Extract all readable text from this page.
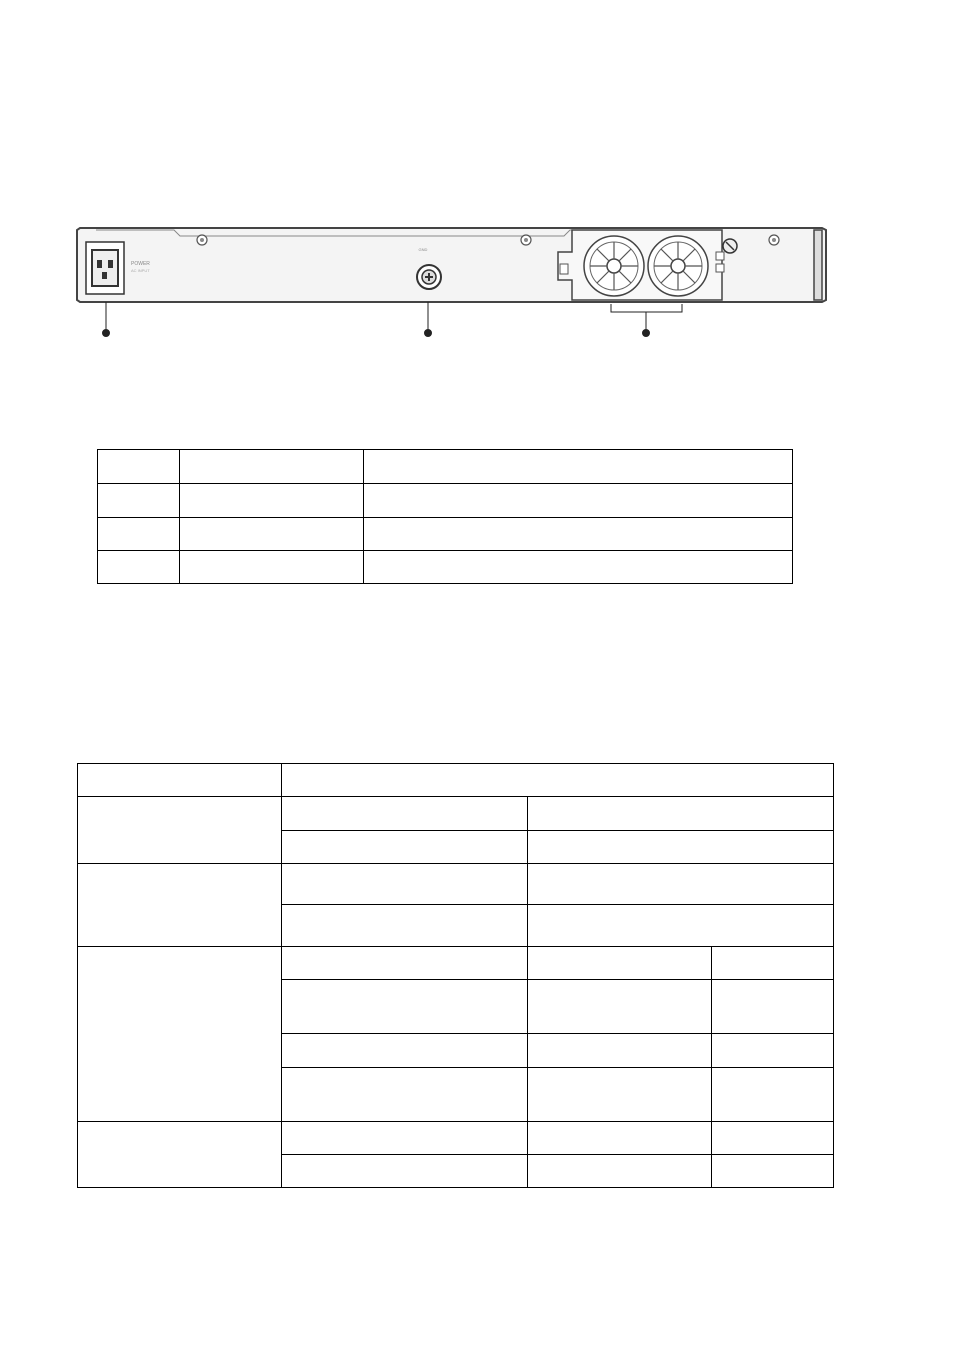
POWER
AC INPUT
GND
